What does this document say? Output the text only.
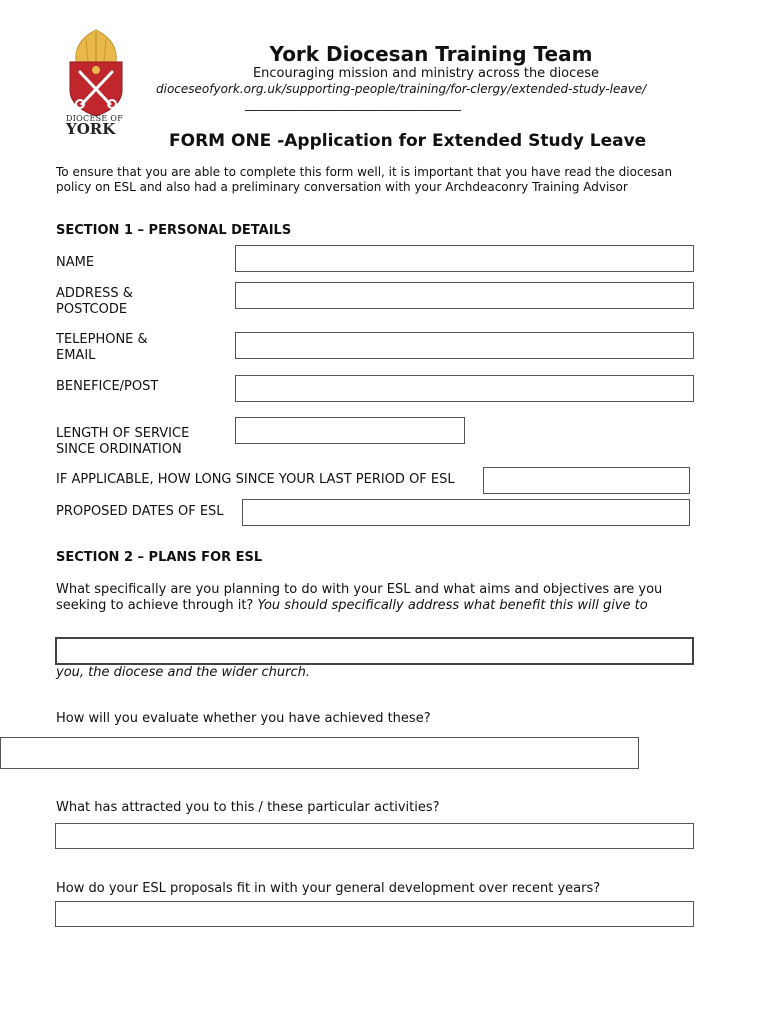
DIOCESE OF
YORK
York Diocesan Training Team
Encouraging mission and ministry across the diocese
dioceseofyork.org.uk/supporting-people/training/for-clergy/extended-study-leave/
___________________________________________
FORM ONE -Application for Extended Study Leave
To ensure that you are able to complete this form well, it is important that you have read the diocesan policy on ESL and also had a preliminary conversation with your Archdeaconry Training Advisor
SECTION 1 – PERSONAL DETAILS
NAME
ADDRESS & POSTCODE
TELEPHONE & EMAIL
BENEFICE/POST
LENGTH OF SERVICE SINCE ORDINATION
IF APPLICABLE, HOW LONG SINCE YOUR LAST PERIOD OF ESL
PROPOSED DATES OF ESL
SECTION 2 – PLANS FOR ESL
What specifically are you planning to do with your ESL and what aims and objectives are you seeking to achieve through it? You should specifically address what benefit this will give to
you, the diocese and the wider church.
How will you evaluate whether you have achieved these?
What has attracted you to this / these particular activities?
How do your ESL proposals fit in with your general development over recent years?
